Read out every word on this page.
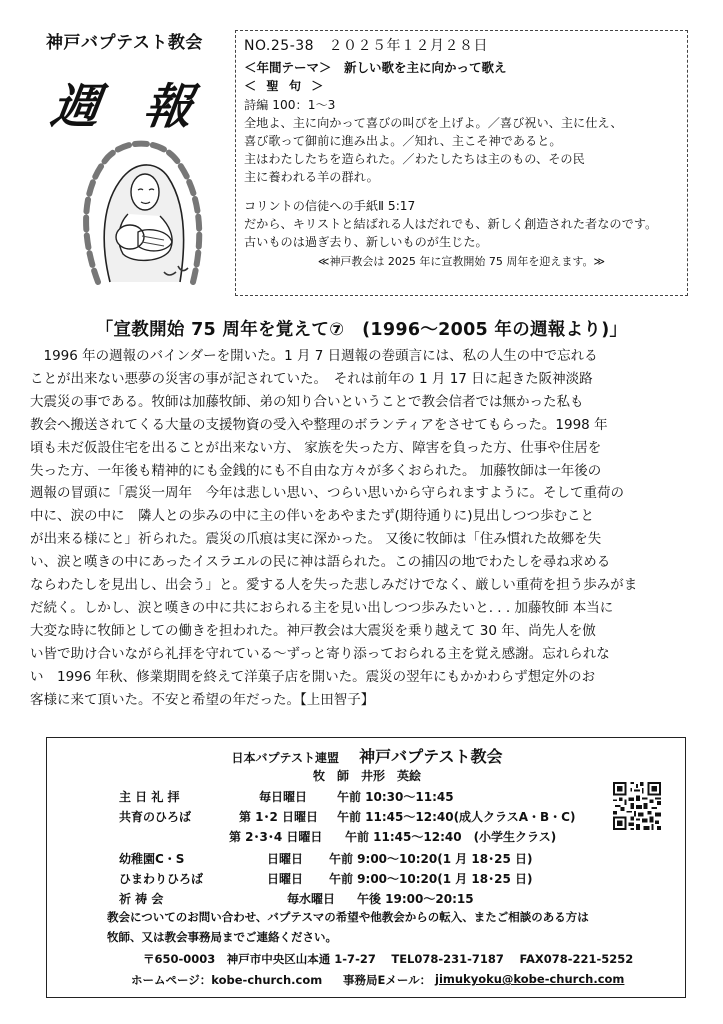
神戸バプテスト教会
週 報
NO.25-38　２０２５年１２月２８日
＜年間テーマ＞　新しい歌を主に向かって歌え
＜ 聖 句 ＞
詩編 100：1～3
全地よ、主に向かって喜びの叫びを上げよ。／喜び祝い、主に仕え、
喜び歌って御前に進み出よ。／知れ、主こそ神であると。
主はわたしたちを造られた。／わたしたちは主のもの、その民
主に養われる羊の群れ。
コリントの信徒への手紙Ⅱ 5:17
だから、キリストと結ばれる人はだれでも、新しく創造された者なのです。
古いものは過ぎ去り、新しいものが生じた。
≪神戸教会は 2025 年に宣教開始 75 周年を迎えます。≫
「宣教開始 75 周年を覚えて⑦　(1996～2005 年の週報より)」
　1996 年の週報のバインダーを開いた。1 月 7 日週報の巻頭言には、私の人生の中で忘れる
ことが出来ない悪夢の災害の事が記されていた。　それは前年の 1 月 17 日に起きた阪神淡路
大震災の事である。牧師は加藤牧師、弟の知り合いということで教会信者では無かった私も
教会へ搬送されてくる大量の支援物資の受入や整理のボランティアをさせてもらった。1998 年
頃も未だ仮設住宅を出ることが出来ない方、 家族を失った方、障害を負った方、仕事や住居を
失った方、一年後も精神的にも金銭的にも不自由な方々が多くおられた。 加藤牧師は一年後の
週報の冒頭に「震災一周年　今年は悲しい思い、つらい思いから守られますように。そして重荷の
中に、涙の中に　隣人との歩みの中に主の伴いをあやまたず(期待通りに)見出しつつ歩むこと
が出来る様にと」祈られた。震災の爪痕は実に深かった。 又後に牧師は「住み慣れた故郷を失
い、涙と嘆きの中にあったイスラエルの民に神は語られた。この捕囚の地でわたしを尋ね求める
ならわたしを見出し、出会う」と。愛する人を失った悲しみだけでなく、厳しい重荷を担う歩みがま
だ続く。しかし、涙と嘆きの中に共におられる主を見い出しつつ歩みたいと. . . 加藤牧師 本当に
大変な時に牧師としての働きを担われた。神戸教会は大震災を乗り越えて 30 年、尚先人を倣
い皆で助け合いながら礼拝を守れている～ずっと寄り添っておられる主を覚え感謝。忘れられな
い　1996 年秋、修業期間を終えて洋菓子店を開いた。震災の翌年にもかかわらず想定外のお
客様に来て頂いた。不安と希望の年だった。【上田智子】
日本バプテスト連盟 神戸バプテスト教会
牧　師　井形　英絵
主 日 礼 拝	毎日曜日 午前 10:30～11:45
共育のひろば	第 1･2 日曜日 午前 11:45～12:40(成人クラスA・B・C)
第 2･3･4 日曜日 午前 11:45～12:40　(小学生クラス)
幼稚園C・S	日曜日 午前 9:00～10:20(1 月 18･25 日)
ひまわりひろば	日曜日 午前 9:00～10:20(1 月 18･25 日)
祈 祷 会	毎水曜日 午後 19:00～20:15
教会についてのお問い合わせ、バプテスマの希望や他教会からの転入、またご相談のある方は
牧師、又は教会事務局までご連絡ください。
〒650-0003　神戸市中央区山本通 1-7-27　 TEL078-231-7187　 FAX078-221-5252
ホームページ：kobe-church.com 事務局Eメール： jimukyoku@kobe-church.com
